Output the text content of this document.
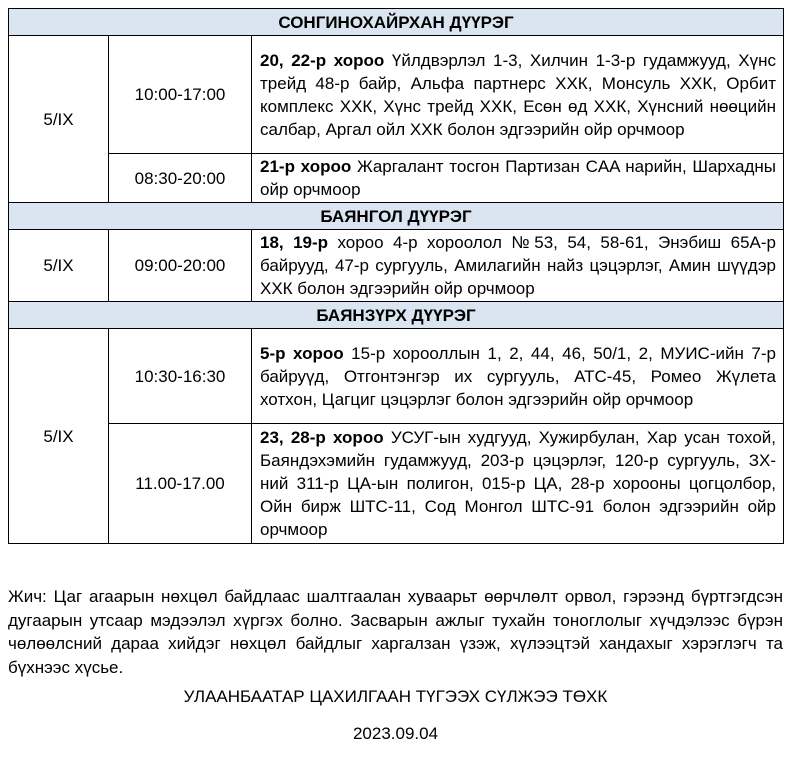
СОНГИНОХАЙРХАН ДҮҮРЭГ		
5/IX	10:00-17:00	20, 22-р хороо Үйлдвэрлэл 1-3, Хилчин 1-3-р гудамжууд, Хүнс трейд 48-р байр, Альфа партнерс ХХК, Монсуль ХХК, Орбит комплекс ХХК, Хүнс трейд ХХК, Есөн өд ХХК, Хүнсний нөөцийн салбар, Аргал ойл ХХК болон эдгээрийн ойр орчмоор
	08:30-20:00	21-р хороо Жаргалант тосгон Партизан СAA нарийн, Шархадны ойр орчмоор
БАЯНГОЛ ДҮҮРЭГ		
5/IX	09:00-20:00	18, 19-р хороо 4-р хороолол №53, 54, 58-61, Энэбиш 65А-р байрууд, 47-р сургууль, Амилагийн найз цэцэрлэг, Амин шүүдэр ХХК болон эдгээрийн ойр орчмоор
БАЯНЗҮРХ ДҮҮРЭГ		
5/IX	10:30-16:30	5-р хороо 15-р хорооллын 1, 2, 44, 46, 50/1, 2, МУИС-ийн 7-р байруүд, Отгонтэнгэр их сургууль, АТС-45, Ромео Жүлета хотхон, Цагциг цэцэрлэг болон эдгээрийн ойр орчмоор
	11.00-17.00	23, 28-р хороо УСУГ-ын худгууд, Хужирбулан, Хар усан тохой, Баяндэхэмийн гудамжууд, 203-р цэцэрлэг, 120-р сургууль, ЗХ-ний 311-р ЦА-ын полигон, 015-р ЦА, 28-р хорооны цогцолбор, Ойн бирж ШТС-11, Сод Монгол ШТС-91 болон эдгээрийн ойр орчмоор
Жич: Цаг агаарын нөхцөл байдлаас шалтгаалан хуваарьт өөрчлөлт орвол, гэрээнд бүртгэгдсэн дугаарын утсаар мэдээлэл хүргэх болно. Засварын ажлыг тухайн тоноглолыг хүчдэлээс бүрэн чөлөөлсний дараа хийдэг нөхцөл байдлыг харгалзан үзэж, хүлээцтэй хандахыг хэрэглэгч та бүхнээс хүсье.
УЛААНБААТАР ЦАХИЛГААН ТҮГЭЭХ СҮЛЖЭЭ ТӨХК
2023.09.04
